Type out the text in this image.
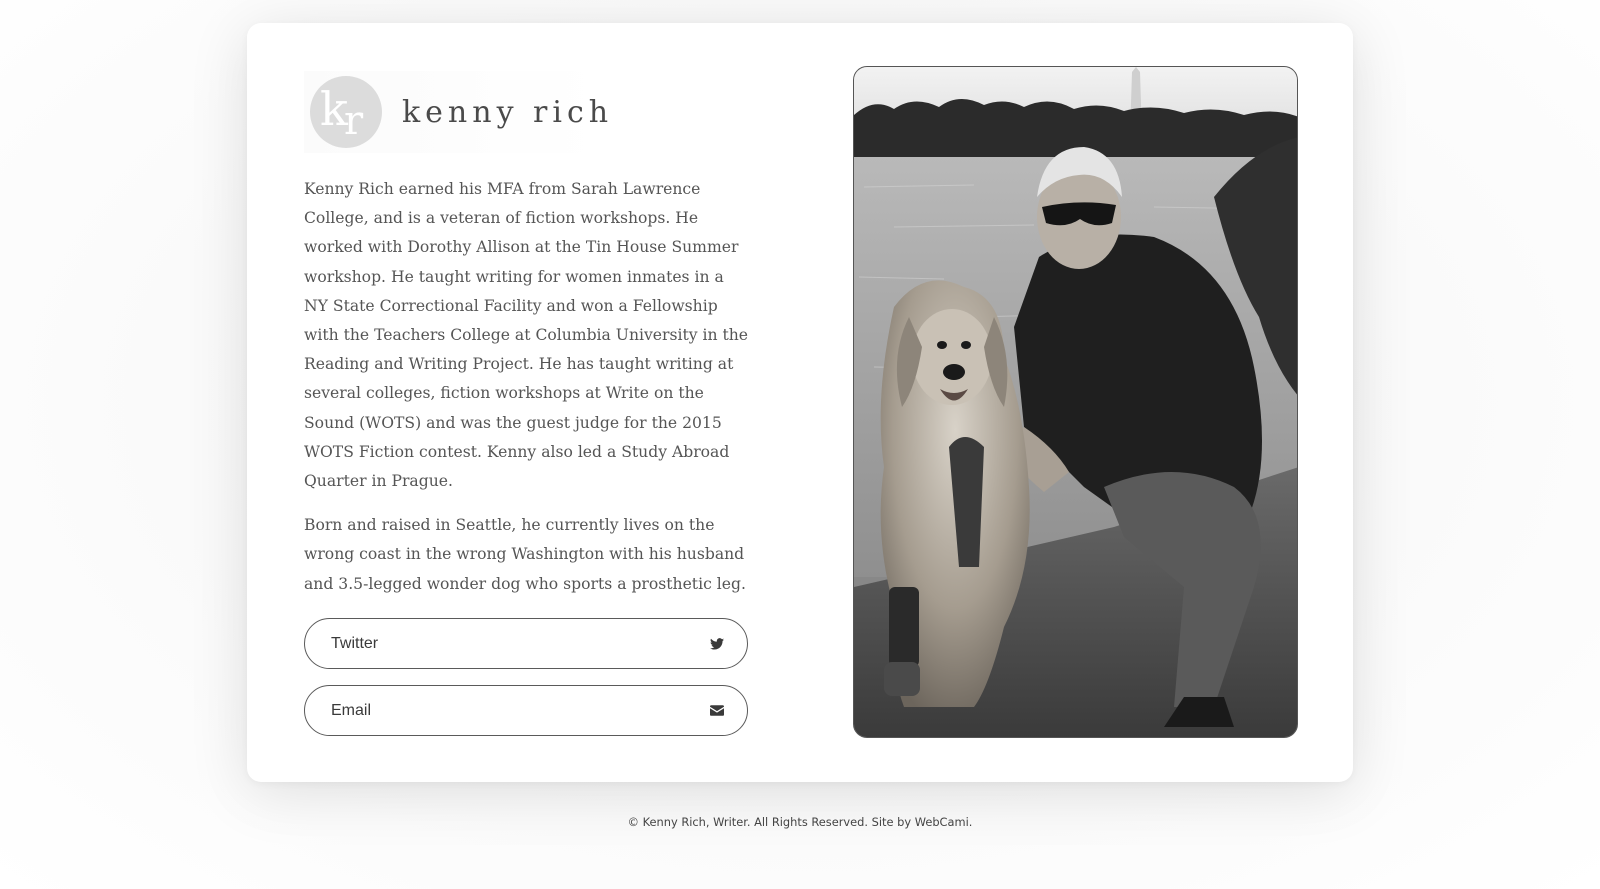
k
r kenny rich

Kenny Rich earned his MFA from Sarah Lawrence College, and is a veteran of fiction workshops. He worked with Dorothy Allison at the Tin House Summer workshop. He taught writing for women inmates in a NY State Correctional Facility and won a Fellowship with the Teachers College at Columbia University in the Reading and Writing Project. He has taught writing at several colleges, fiction workshops at Write on the Sound (WOTS) and was the guest judge for the 2015 WOTS Fiction contest. Kenny also led a Study Abroad Quarter in Prague.

Born and raised in Seattle, he currently lives on the wrong coast in the wrong Washington with his husband and 3.5-legged wonder dog who sports a prosthetic leg.

Twitter
Email
© Kenny Rich, Writer. All Rights Reserved. Site by WebCami.
